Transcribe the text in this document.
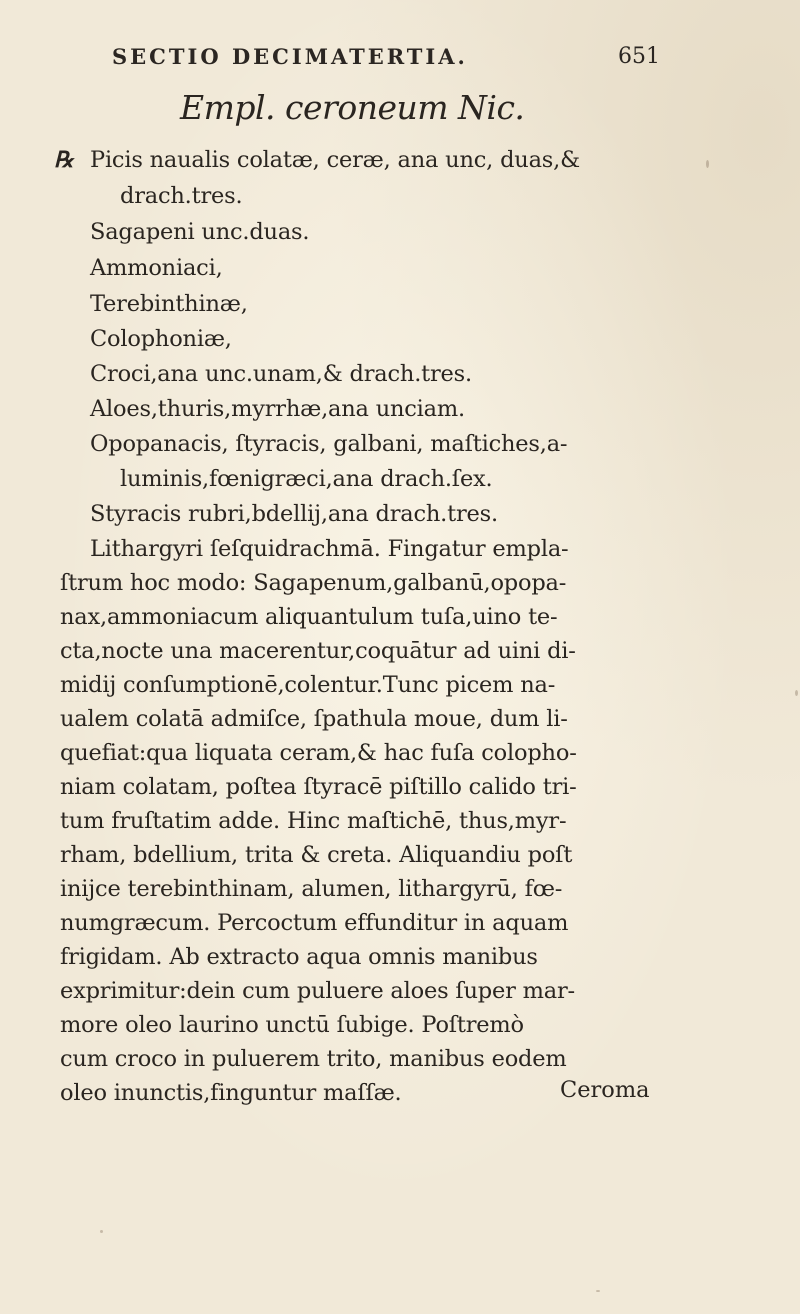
SECTIO DECIMATERTIA.	651
Empl. ceroneum Nic.
℞ Picis naualis colatæ, ceræ, ana unc, duas,&
drach.tres.
Sagapeni unc.duas.
Ammoniaci,
Terebinthinæ,
Colophoniæ,
Croci,ana unc.unam,& drach.tres.
Aloes,thuris,myrrhæ,ana unciam.
Opopanacis, ſtyracis, galbani, maſtiches,a-
luminis,fœnigræci,ana drach.ſex.
Styracis rubri,bdellij,ana drach.tres.
Lithargyri ſeſquidrachmā. Fingatur empla-
ſtrum hoc modo: Sagapenum,galbanū,opopa-
nax,ammoniacum aliquantulum tuſa,uino te-
cta,nocte una macerentur,coquātur ad uini di-
midij conſumptionē,colentur.Tunc picem na-
ualem colatā admiſce, ſpathula moue, dum li-
quefiat:qua liquata ceram,& hac fuſa colopho-
niam colatam, poſtea ſtyracē piſtillo calido tri-
tum fruſtatim adde. Hinc maſtichē, thus,myr-
rham, bdellium, trita & creta. Aliquandiu poſt
inijce terebinthinam, alumen, lithargyrū, fœ-
numgræcum. Percoctum effunditur in aquam
frigidam. Ab extracto aqua omnis manibus
exprimitur:dein cum puluere aloes ſuper mar-
more oleo laurino unctū ſubige. Poſtremò
cum croco in puluerem trito, manibus eodem
oleo inunctis,finguntur maſſæ.	Ceroma
